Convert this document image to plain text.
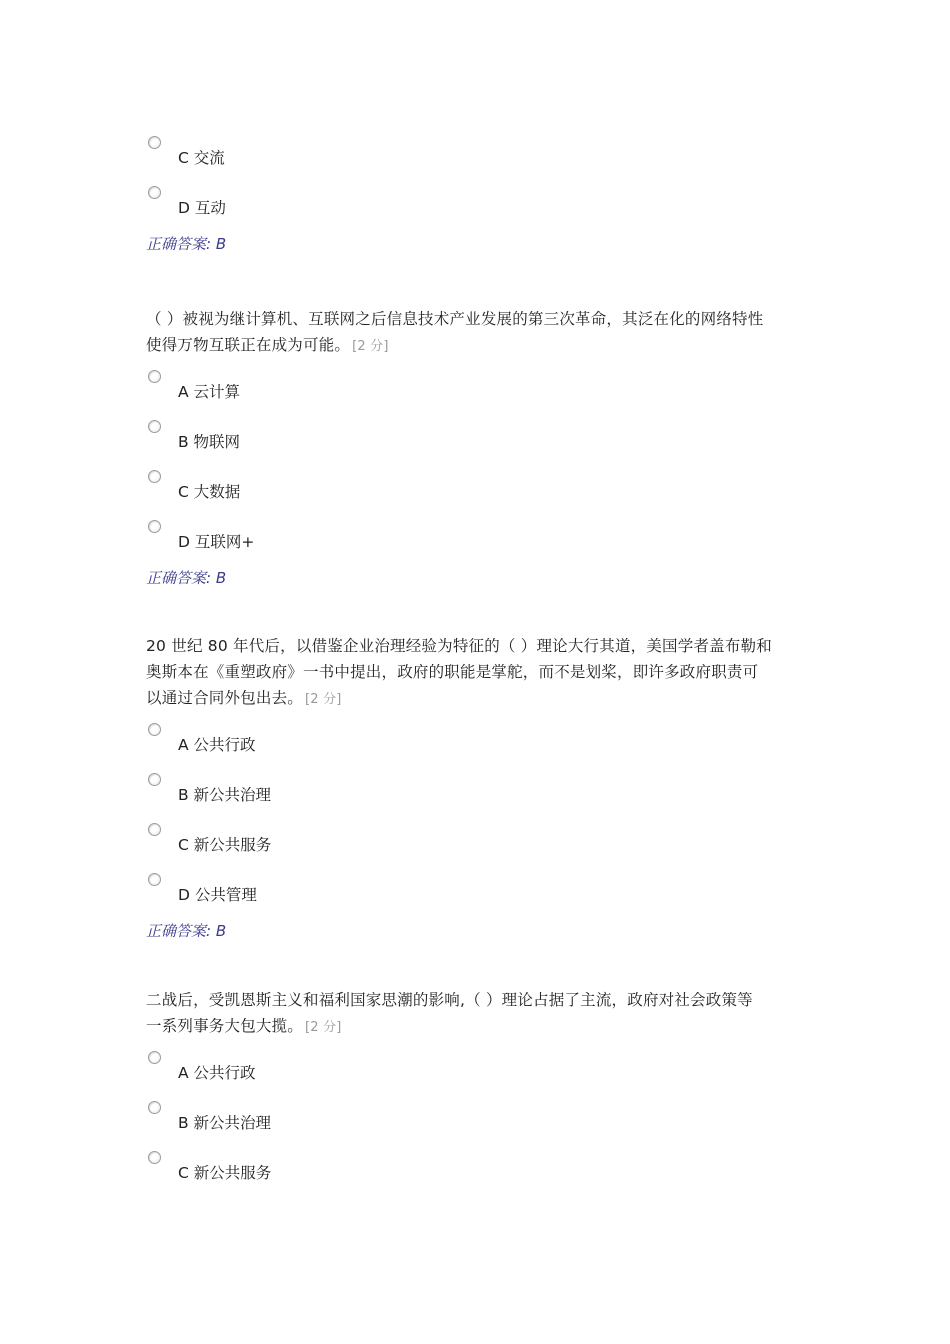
C 交流
D 互动
正确答案: B

（ ）被视为继计算机、互联网之后信息技术产业发展的第三次革命，其泛在化的网络特性
使得万物互联正在成为可能。 [2 分]

A 云计算
B 物联网
C 大数据
D 互联网+
正确答案: B

20 世纪 80 年代后，以借鉴企业治理经验为特征的（ ）理论大行其道，美国学者盖布勒和
奥斯本在《重塑政府》一书中提出，政府的职能是掌舵，而不是划桨，即许多政府职责可
以通过合同外包出去。 [2 分]

A 公共行政
B 新公共治理
C 新公共服务
D 公共管理
正确答案: B

二战后，受凯恩斯主义和福利国家思潮的影响,（ ）理论占据了主流，政府对社会政策等
一系列事务大包大揽。 [2 分]

A 公共行政
B 新公共治理
C 新公共服务
